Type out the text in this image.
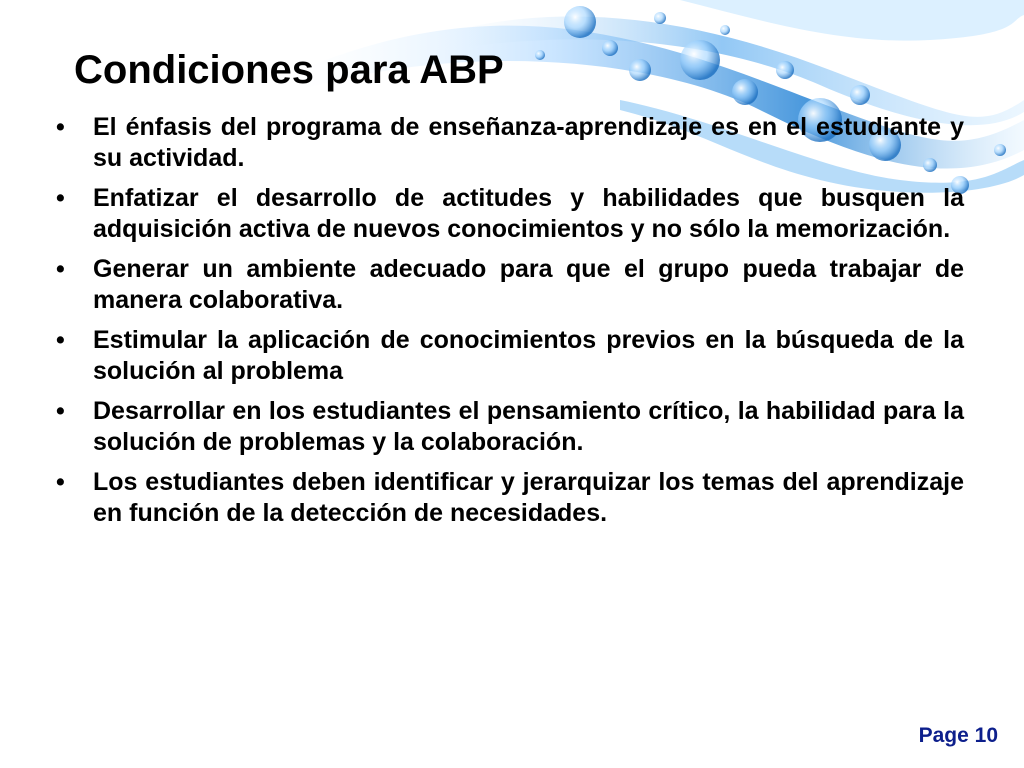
Condiciones para ABP
• El énfasis del programa de enseñanza-aprendizaje es en el estudiante y su actividad.
• Enfatizar el desarrollo de actitudes y habilidades que busquen la adquisición activa de nuevos conocimientos y no sólo la memorización.
• Generar un ambiente adecuado para que el grupo pueda trabajar de manera colaborativa.
• Estimular la aplicación de conocimientos previos en la búsqueda de la solución al problema
• Desarrollar en los estudiantes el pensamiento crítico, la habilidad para la solución de problemas y la colaboración.
• Los estudiantes deben identificar y jerarquizar los temas del aprendizaje en función de la detección de necesidades.
Page 10
